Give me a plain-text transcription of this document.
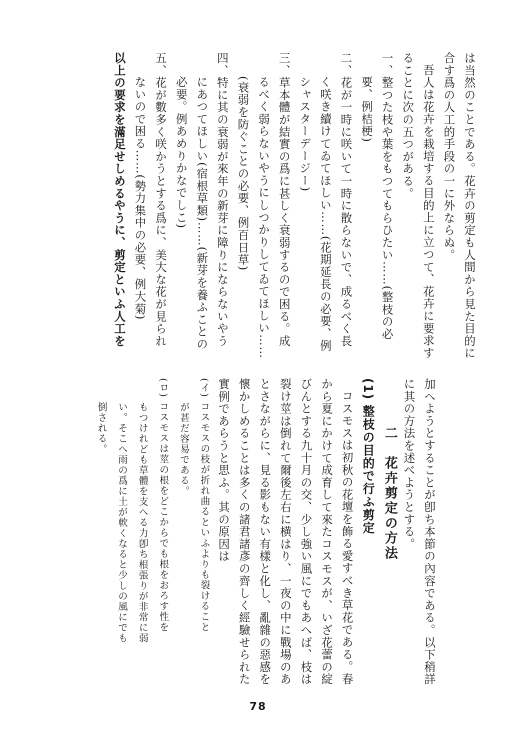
は当然のことである。花卉の剪定も人間から見た目的に
合す爲の人工的手段の一に外ならぬ。
吾人は花卉を栽培する目的上に立つて、花卉に要求す
ることに次の五つがある。
一、整つた枝や葉をもつてもらひたい……(整枝の必
要、例桔梗)
二、花が一時に咲いて一時に散らないで、成るべく長
く咲き續けてゐてほしい……(花期延長の必要、例
シャスターデージー)
三、草本體が結實の爲に甚しく衰弱するので困る。成
るべく弱らないやうにしつかりしてゐてほしい……
(衰弱を防ぐことの必要、例百日草)
四、特に其の衰弱が來年の新芽に障りにならないやう
にあつてほしい(宿根草類)……(新芽を養ふことの
必要。例あめりかなでしこ)
五、花が數多く咲かうとする爲に、美大な花が見られ
ないので困る……(勢力集中の必要、例大菊)
以上の要求を滿足せしめるやうに、剪定といふ人工を
加へようとすることが卽ち本節の內容である。以下稍詳
に其の方法を述べようとする。
二　花卉剪定の方法
(1) 整枝の目的で行ふ剪定
コスモスは初秋の花壇を飾る愛すべき草花である。春
から夏にかけて成育して來たコスモスが、いざ花蕾の綻
びんとする九十月の交、少し強い風にでもあへば、枝は
裂け莖は倒れて爾後左右に横はり、一夜の中に戰場のあ
とさながらに、見る影もない有樣と化し、亂雜の惡感を
懷かしめることは多くの諸君諸彥の齊しく經驗せられた
實例であらうと思ふ。其の原因は
(イ) コスモスの枝が折れ曲るといふよりも裂けること
が甚だ容易である。
(ロ) コスモスは莖の根をどこからでも根をおろす性を
もつけれども草體を支へる力卽ち根張りが非常に弱
い。そこへ雨の爲に土が軟くなると少しの風にでも
倒される。
78
